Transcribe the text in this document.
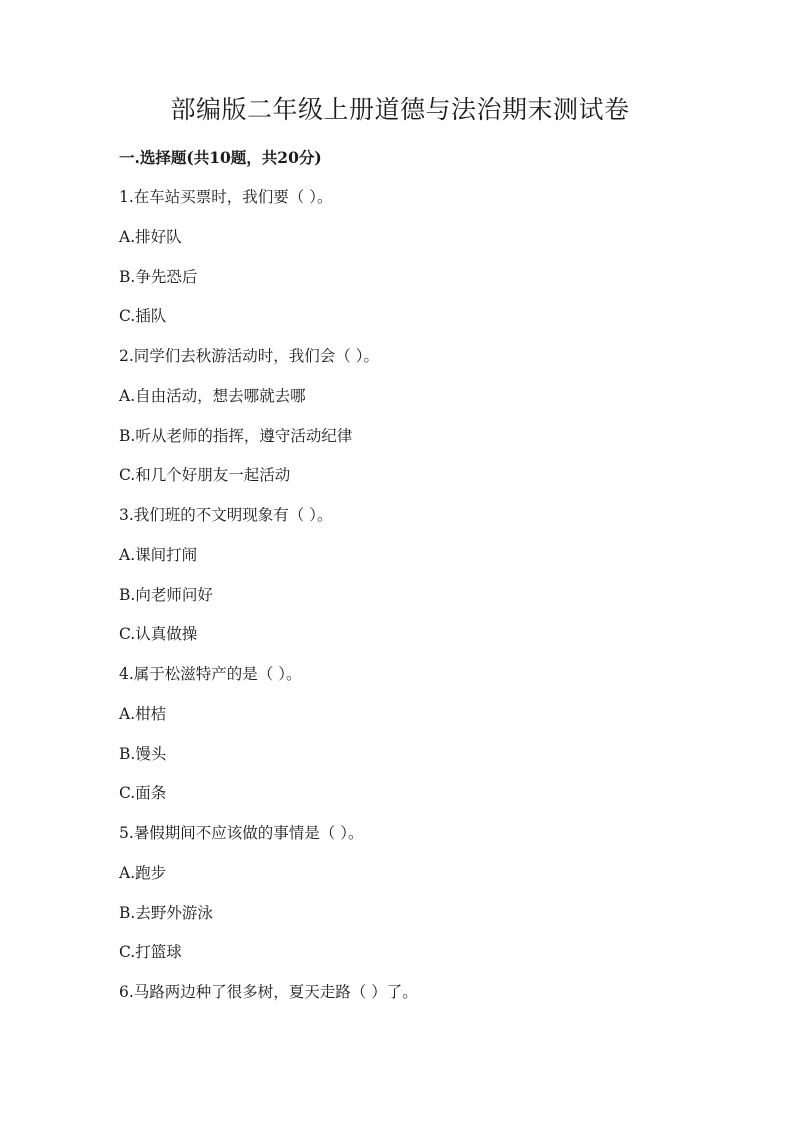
部编版二年级上册道德与法治期末测试卷
一.选择题(共10题，共20分)
1.在车站买票时，我们要（ ）。
A.排好队
B.争先恐后
C.插队
2.同学们去秋游活动时，我们会（ ）。
A.自由活动，想去哪就去哪
B.听从老师的指挥，遵守活动纪律
C.和几个好朋友一起活动
3.我们班的不文明现象有（ ）。
A.课间打闹
B.向老师问好
C.认真做操
4.属于松滋特产的是（ ）。
A.柑桔
B.馒头
C.面条
5.暑假期间不应该做的事情是（ ）。
A.跑步
B.去野外游泳
C.打篮球
6.马路两边种了很多树，夏天走路（ ）了。
